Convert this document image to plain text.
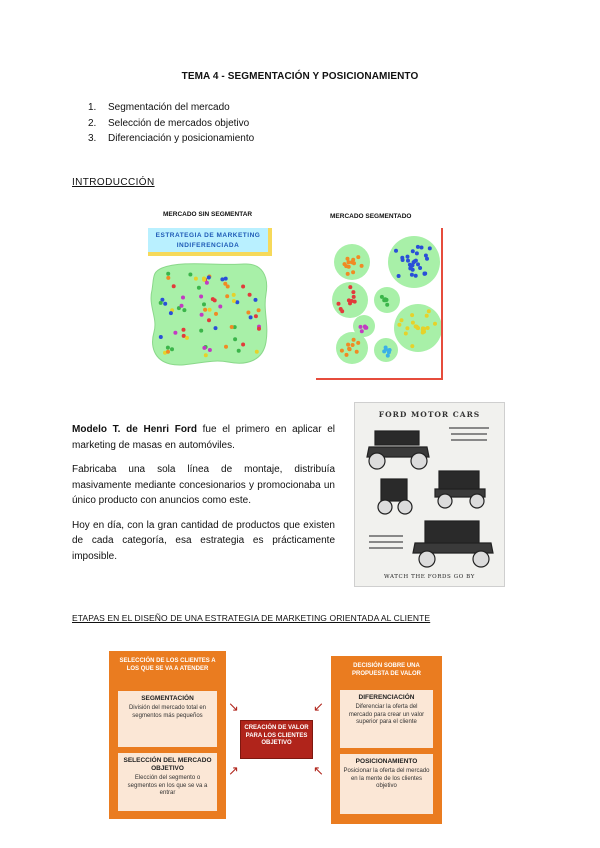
TEMA 4 - SEGMENTACIÓN Y POSICIONAMIENTO
1. Segmentación del mercado
2. Selección de mercados objetivo
3. Diferenciación y posicionamiento
INTRODUCCIÓN
MERCADO SIN SEGMENTAR
ESTRATEGIA DE MARKETING
INDIFERENCIADA
MERCADO SEGMENTADO

Modelo T. de Henri Ford fue el primero en aplicar el marketing de masas en automóviles.

Fabricaba una sola línea de montaje, distribuía masivamente mediante concesionarios y promocionaba un único producto con anuncios como este.

Hoy en día, con la gran cantidad de productos que existen de cada categoría, esa estrategia es prácticamente imposible.

FORD MOTOR CARS
WATCH THE FORDS GO BY
ETAPAS EN EL DISEÑO DE UNA ESTRATEGIA DE MARKETING ORIENTADA AL CLIENTE
SELECCIÓN DE LOS CLIENTES A LOS QUE SE VA A ATENDER
SEGMENTACIÓN
División del mercado total en segmentos más pequeños
SELECCIÓN DEL MERCADO OBJETIVO
Elección del segmento o segmentos en los que se va a entrar
CREACIÓN DE VALOR PARA LOS CLIENTES OBJETIVO
↘
↗
↙
↖
DECISIÓN SOBRE UNA PROPUESTA DE VALOR
DIFERENCIACIÓN
Diferenciar la oferta del mercado para crear un valor superior para el cliente
POSICIONAMIENTO
Posicionar la oferta del mercado en la mente de los clientes objetivo
